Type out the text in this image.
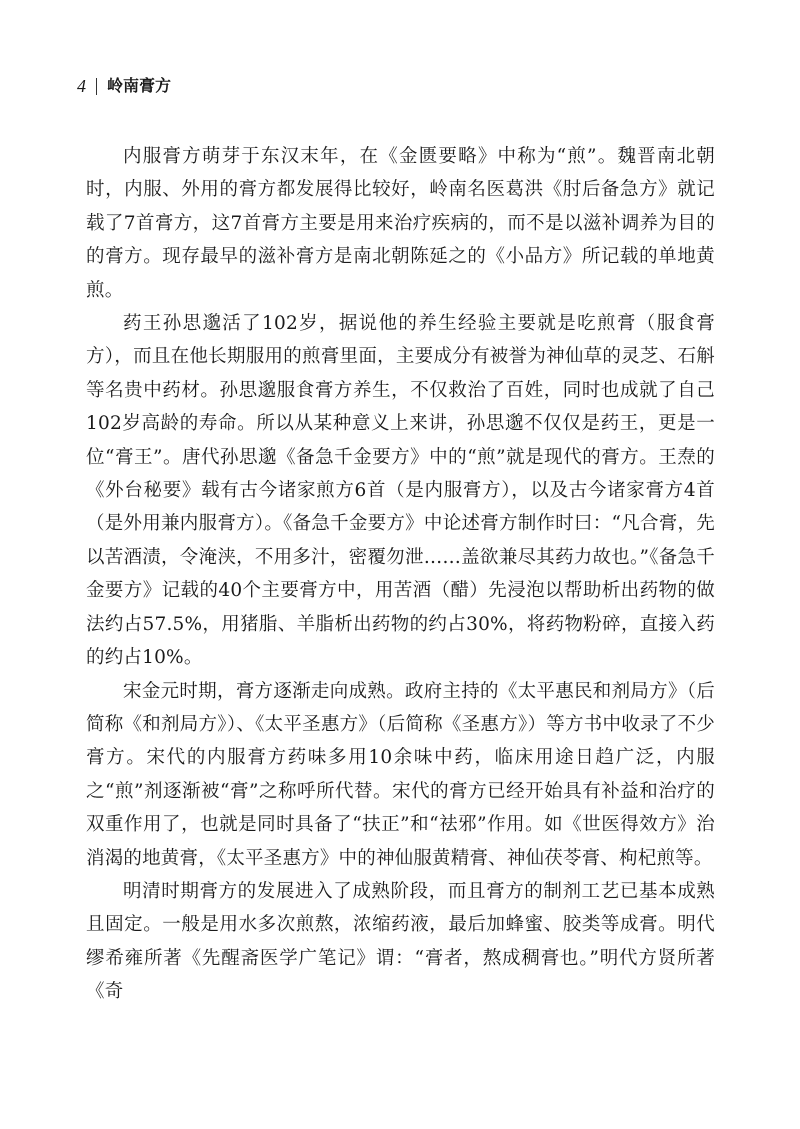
4 岭南膏方

内服膏方萌芽于东汉末年，在《金匮要略》中称为“煎”。魏晋南北朝时，内服、外用的膏方都发展得比较好，岭南名医葛洪《肘后备急方》就记载了7首膏方，这7首膏方主要是用来治疗疾病的，而不是以滋补调养为目的的膏方。现存最早的滋补膏方是南北朝陈延之的《小品方》所记载的单地黄煎。

药王孙思邈活了102岁，据说他的养生经验主要就是吃煎膏（服食膏方），而且在他长期服用的煎膏里面，主要成分有被誉为神仙草的灵芝、石斛等名贵中药材。孙思邈服食膏方养生，不仅救治了百姓，同时也成就了自己102岁高龄的寿命。所以从某种意义上来讲，孙思邈不仅仅是药王，更是一位“膏王”。唐代孙思邈《备急千金要方》中的“煎”就是现代的膏方。王焘的《外台秘要》载有古今诸家煎方6首（是内服膏方），以及古今诸家膏方4首（是外用兼内服膏方）。《备急千金要方》中论述膏方制作时曰：“凡合膏，先以苦酒渍，令淹浃，不用多汁，密覆勿泄……盖欲兼尽其药力故也。”《备急千金要方》记载的40个主要膏方中，用苦酒（醋）先浸泡以帮助析出药物的做法约占57.5%，用猪脂、羊脂析出药物的约占30%，将药物粉碎，直接入药的约占10%。

宋金元时期，膏方逐渐走向成熟。政府主持的《太平惠民和剂局方》（后简称《和剂局方》）、《太平圣惠方》（后简称《圣惠方》）等方书中收录了不少膏方。宋代的内服膏方药味多用10余味中药，临床用途日趋广泛，内服之“煎”剂逐渐被“膏”之称呼所代替。宋代的膏方已经开始具有补益和治疗的双重作用了，也就是同时具备了“扶正”和“祛邪”作用。如《世医得效方》治消渴的地黄膏，《太平圣惠方》中的神仙服黄精膏、神仙茯苓膏、枸杞煎等。

明清时期膏方的发展进入了成熟阶段，而且膏方的制剂工艺已基本成熟且固定。一般是用水多次煎熬，浓缩药液，最后加蜂蜜、胶类等成膏。明代缪希雍所著《先醒斋医学广笔记》谓：“膏者，熬成稠膏也。”明代方贤所著《奇
